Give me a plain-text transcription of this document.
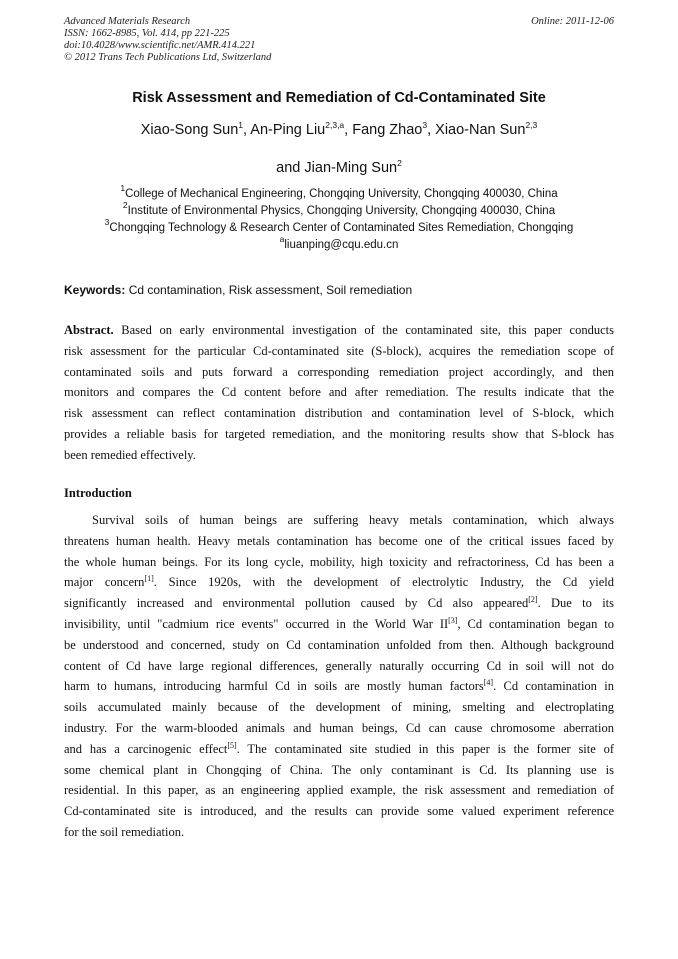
Advanced Materials Research
ISSN: 1662-8985, Vol. 414, pp 221-225
doi:10.4028/www.scientific.net/AMR.414.221
© 2012 Trans Tech Publications Ltd, Switzerland
Online: 2011-12-06
Risk Assessment and Remediation of Cd-Contaminated Site
Xiao-Song Sun$^1$, An-Ping Liu$^{2,3,a}$, Fang Zhao$^3$, Xiao-Nan Sun$^{2,3}$
and Jian-Ming Sun$^2$
$^1$College of Mechanical Engineering, Chongqing University, Chongqing 400030, China
$^2$Institute of Environmental Physics, Chongqing University, Chongqing 400030, China
$^3$Chongqing Technology & Research Center of Contaminated Sites Remediation, Chongqing
$^a$liuanping@cqu.edu.cn
Keywords: Cd contamination, Risk assessment, Soil remediation
Abstract. Based on early environmental investigation of the contaminated site, this paper conducts
risk assessment for the particular Cd-contaminated site (S-block), acquires the remediation scope of
contaminated soils and puts forward a corresponding remediation project accordingly, and then
monitors and compares the Cd content before and after remediation. The results indicate that the
risk assessment can reflect contamination distribution and contamination level of S-block, which
provides a reliable basis for targeted remediation, and the monitoring results show that S-block has
been remedied effectively.
Introduction
Survival soils of human beings are suffering heavy metals contamination, which always
threatens human health. Heavy metals contamination has become one of the critical issues faced by
the whole human beings. For its long cycle, mobility, high toxicity and refractoriness, Cd has been a
major concern[1]. Since 1920s, with the development of electrolytic Industry, the Cd yield
significantly increased and environmental pollution caused by Cd also appeared[2]. Due to its
invisibility, until "cadmium rice events" occurred in the World War II[3], Cd contamination began to
be understood and concerned, study on Cd contamination unfolded from then. Although background
content of Cd have large regional differences, generally naturally occurring Cd in soil will not do
harm to humans, introducing harmful Cd in soils are mostly human factors[4]. Cd contamination in
soils accumulated mainly because of the development of mining, smelting and electroplating
industry. For the warm-blooded animals and human beings, Cd can cause chromosome aberration
and has a carcinogenic effect[5]. The contaminated site studied in this paper is the former site of
some chemical plant in Chongqing of China. The only contaminant is Cd. Its planning use is
residential. In this paper, as an engineering applied example, the risk assessment and remediation of
Cd-contaminated site is introduced, and the results can provide some valued experiment reference
for the soil remediation.
